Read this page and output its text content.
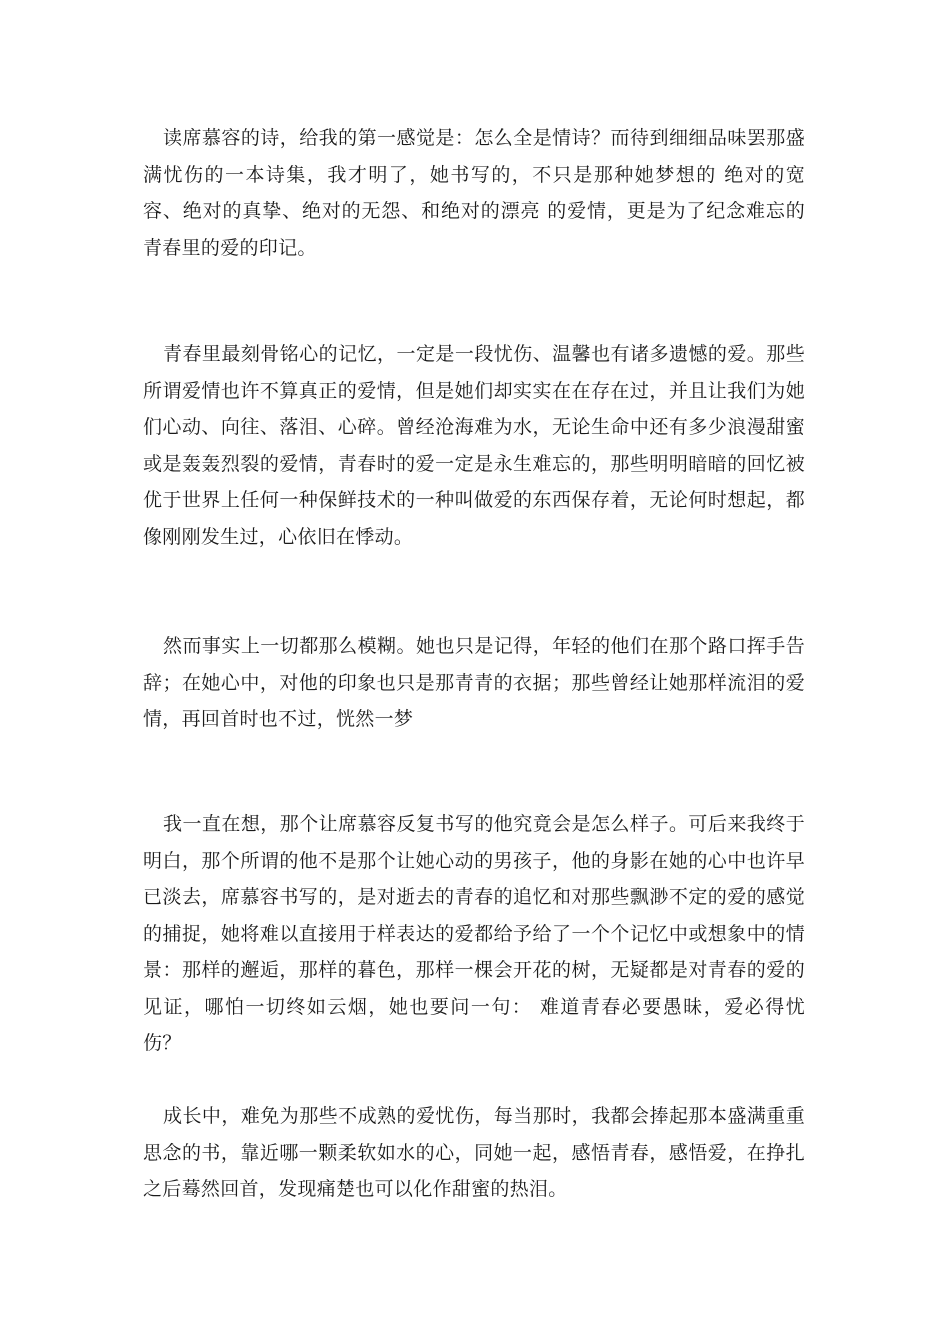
读席慕容的诗，给我的第一感觉是：怎么全是情诗？而待到细细品味罢那盛满忧伤的一本诗集，我才明了，她书写的，不只是那种她梦想的 绝对的宽容、绝对的真挚、绝对的无怨、和绝对的漂亮 的爱情，更是为了纪念难忘的青春里的爱的印记。

青春里最刻骨铭心的记忆，一定是一段忧伤、温馨也有诸多遗憾的爱。那些所谓爱情也许不算真正的爱情，但是她们却实实在在存在过，并且让我们为她们心动、向往、落泪、心碎。曾经沧海难为水，无论生命中还有多少浪漫甜蜜或是轰轰烈裂的爱情，青春时的爱一定是永生难忘的，那些明明暗暗的回忆被优于世界上任何一种保鲜技术的一种叫做爱的东西保存着，无论何时想起，都像刚刚发生过，心依旧在悸动。

然而事实上一切都那么模糊。她也只是记得，年轻的他们在那个路口挥手告辞；在她心中，对他的印象也只是那青青的衣据；那些曾经让她那样流泪的爱情，再回首时也不过，恍然一梦

我一直在想，那个让席慕容反复书写的他究竟会是怎么样子。可后来我终于明白，那个所谓的他不是那个让她心动的男孩子，他的身影在她的心中也许早已淡去，席慕容书写的，是对逝去的青春的追忆和对那些飘渺不定的爱的感觉的捕捉，她将难以直接用于样表达的爱都给予给了一个个记忆中或想象中的情景：那样的邂逅，那样的暮色，那样一棵会开花的树，无疑都是对青春的爱的见证，哪怕一切终如云烟，她也要问一句： 难道青春必要愚昧，爱必得忧伤？

成长中，难免为那些不成熟的爱忧伤，每当那时，我都会捧起那本盛满重重思念的书，靠近哪一颗柔软如水的心，同她一起，感悟青春，感悟爱，在挣扎之后蓦然回首，发现痛楚也可以化作甜蜜的热泪。
